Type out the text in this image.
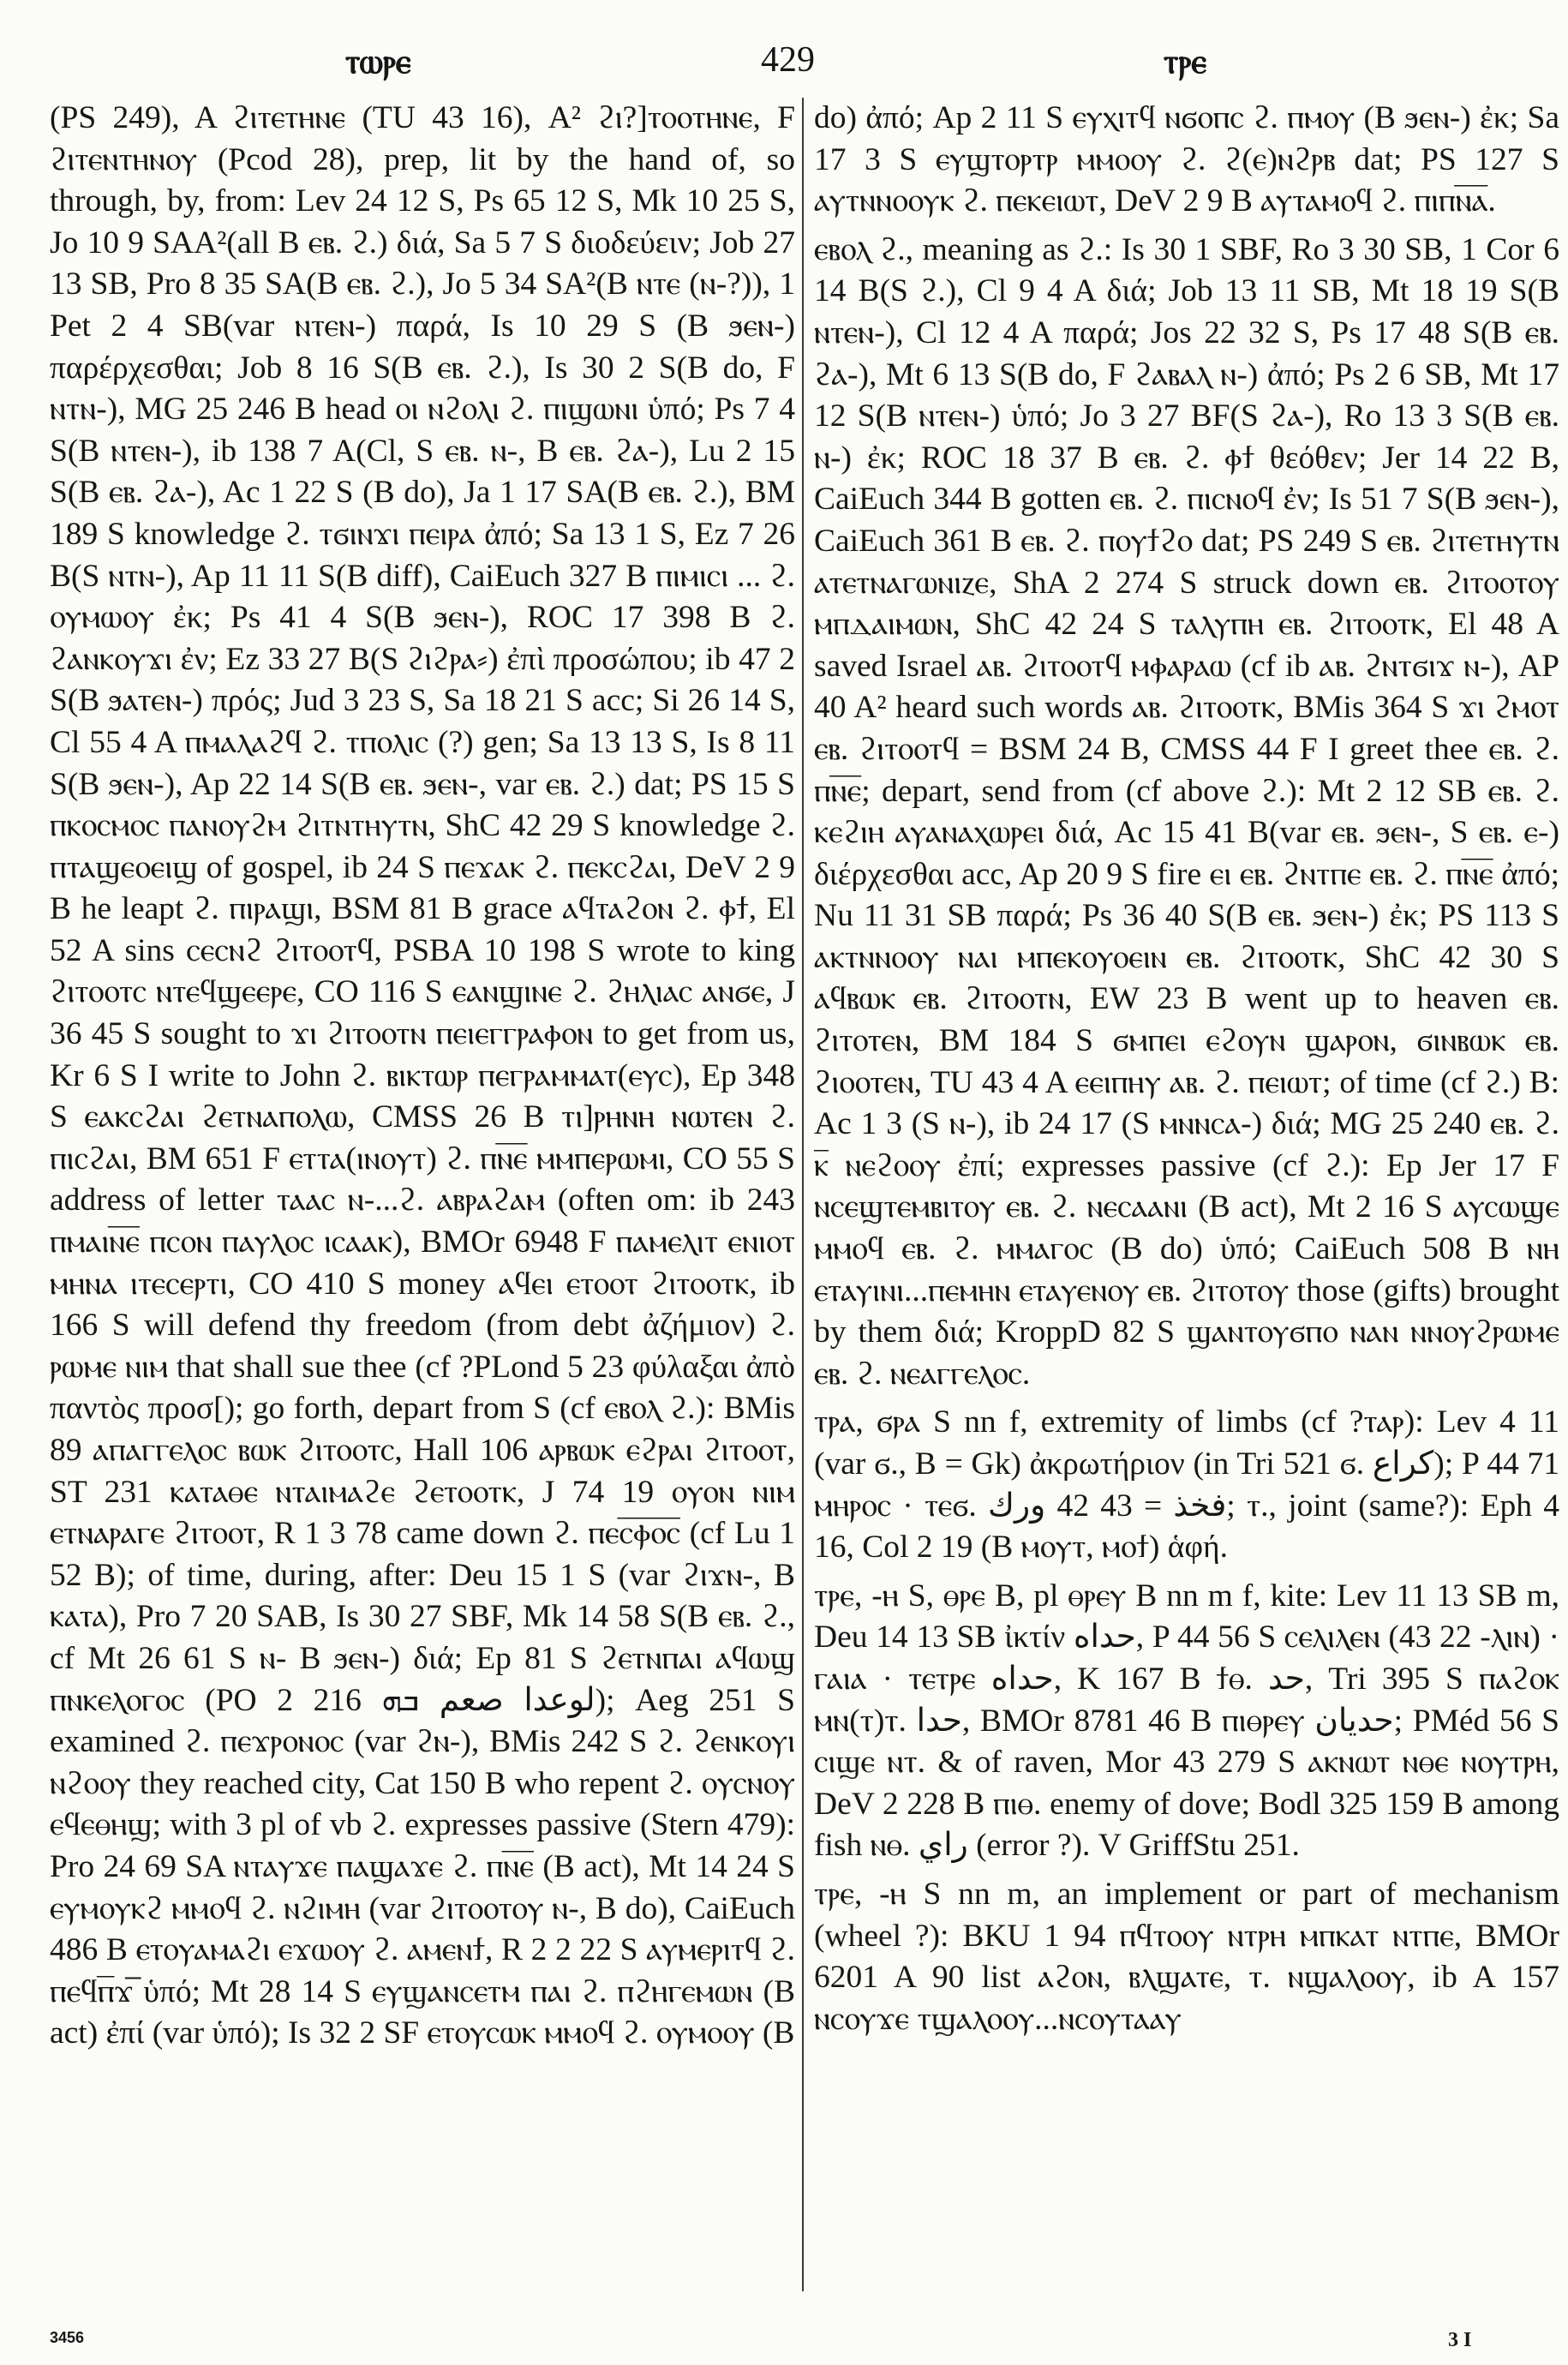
ⲧⲱⲣⲉ	429	ⲧⲣⲉ

(PS 249), A ϩⲓⲧⲉⲧⲏⲛⲉ (TU 43 16), A² ϩⲓ?]ⲧⲟⲟⲧⲏⲛⲉ, F ϩⲓⲧⲉⲛⲧⲏⲛⲟⲩ (Pcod 28), prep, lit by the hand of, so through, by, from: Lev 24 12 S, Ps 65 12 S, Mk 10 25 S, Jo 10 9 SAA²(all B ⲉⲃ. ϩ.) διά, Sa 5 7 S διοδεύειν; Job 27 13 SB, Pro 8 35 SA(B ⲉⲃ. ϩ.), Jo 5 34 SA²(B ⲛⲧⲉ (ⲛ-?)), 1 Pet 2 4 SB(var ⲛⲧⲉⲛ-) παρά, Is 10 29 S (B ϧⲉⲛ-) παρέρχεσθαι; Job 8 16 S(B ⲉⲃ. ϩ.), Is 30 2 S(B do, F ⲛⲧⲛ-), MG 25 246 B head ⲟⲓ ⲛϩⲟⲗⲓ ϩ. ⲡⲓϣⲱⲛⲓ ὑπό; Ps 7 4 S(B ⲛⲧⲉⲛ-), ib 138 7 A(Cl, S ⲉⲃ. ⲛ-, B ⲉⲃ. ϩⲁ-), Lu 2 15 S(B ⲉⲃ. ϩⲁ-), Ac 1 22 S (B do), Ja 1 17 SA(B ⲉⲃ. ϩ.), BM 189 S knowledge ϩ. ⲧϭⲓⲛϫⲓ ⲡⲉⲓⲣⲁ ἀπό; Sa 13 1 S, Ez 7 26 B(S ⲛⲧⲛ-), Ap 11 11 S(B diff), CaiEuch 327 B ⲡⲓⲙⲓⲥⲓ ... ϩ. ⲟⲩⲙⲱⲟⲩ ἐκ; Ps 41 4 S(B ϧⲉⲛ-), ROC 17 398 B ϩ. ϩⲁⲛⲕⲟⲩϫⲓ ἐν; Ez 33 27 B(S ϩⲓϩⲣⲁ⸗) ἐπὶ προσώπου; ib 47 2 S(B ϧⲁⲧⲉⲛ-) πρός; Jud 3 23 S, Sa 18 21 S acc; Si 26 14 S, Cl 55 4 A ⲡⲙⲁⲗⲁϩϥ ϩ. ⲧⲡⲟⲗⲓⲥ (?) gen; Sa 13 13 S, Is 8 11 S(B ϧⲉⲛ-), Ap 22 14 S(B ⲉⲃ. ϧⲉⲛ-, var ⲉⲃ. ϩ.) dat; PS 15 S ⲡⲕⲟⲥⲙⲟⲥ ⲡⲁⲛⲟⲩϩⲙ ϩⲓⲧⲛⲧⲏⲩⲧⲛ, ShC 42 29 S knowledge ϩ. ⲡⲧⲁϣⲉⲟⲉⲓϣ of gospel, ib 24 S ⲡⲉϫⲁⲕ ϩ. ⲡⲉⲕⲥϩⲁⲓ, DeV 2 9 B he leapt ϩ. ⲡⲓⲣⲁϣⲓ, BSM 81 B grace ⲁϥⲧⲁϩⲟⲛ ϩ. ⲫϯ, El 52 A sins ⲥⲉⲥⲛϩ ϩⲓⲧⲟⲟⲧϥ, PSBA 10 198 S wrote to king ϩⲓⲧⲟⲟⲧⲥ ⲛⲧⲉϥϣⲉⲉⲣⲉ, CO 116 S ⲉⲁⲛϣⲓⲛⲉ ϩ. ϩⲏⲗⲓⲁⲥ ⲁⲛϭⲉ, J 36 45 S sought to ϫⲓ ϩⲓⲧⲟⲟⲧⲛ ⲡⲉⲓⲉⲅⲅⲣⲁⲫⲟⲛ to get from us, Kr 6 S I write to John ϩ. ⲃⲓⲕⲧⲱⲣ ⲡⲉⲅⲣⲁⲙⲙⲁⲧ(ⲉⲩⲥ), Ep 348 S ⲉⲁⲕⲥϩⲁⲓ ϩⲉⲧⲛⲁⲡⲟⲗⲱ, CMSS 26 B ⲧⲓ]ⲣⲏⲛⲏ ⲛⲱⲧⲉⲛ ϩ. ⲡⲓⲥϩⲁⲓ, BM 651 F ⲉⲧⲧⲁ(ⲓⲛⲟⲩⲧ) ϩ. ⲡⲛ̅ⲉ̅ ⲙⲙⲡⲉⲣⲱⲙⲓ, CO 55 S address of letter ⲧⲁⲁⲥ ⲛ-...ϩ. ⲁⲃⲣⲁϩⲁⲙ (often om: ib 243 ⲡⲙⲁⲓⲛ̅ⲉ̅ ⲡⲥⲟⲛ ⲡⲁⲩⲗⲟⲥ ⲓⲥⲁⲁⲕ), BMOr 6948 F ⲡⲁⲙⲉⲗⲓⲧ ⲉⲛⲓⲟⲧ ⲙⲏⲛⲁ ⲓⲧⲉⲥⲉⲣⲧⲓ, CO 410 S money ⲁϥⲉⲓ ⲉⲧⲟⲟⲧ ϩⲓⲧⲟⲟⲧⲕ, ib 166 S will defend thy freedom (from debt ἀζήμιον) ϩ. ⲣⲱⲙⲉ ⲛⲓⲙ that shall sue thee (cf ?PLond 5 23 φύλαξαι ἀπὸ παντὸς προσ[); go forth, depart from S (cf ⲉⲃⲟⲗ ϩ.): BMis 89 ⲁⲡⲁⲅⲅⲉⲗⲟⲥ ⲃⲱⲕ ϩⲓⲧⲟⲟⲧⲥ, Hall 106 ⲁⲣⲃⲱⲕ ⲉϩⲣⲁⲓ ϩⲓⲧⲟⲟⲧ, ST 231 ⲕⲁⲧⲁⲑⲉ ⲛⲧⲁⲓⲙⲁϩⲉ ϩⲉⲧⲟⲟⲧⲕ, J 74 19 ⲟⲩⲟⲛ ⲛⲓⲙ ⲉⲧⲛⲁⲣⲁⲅⲉ ϩⲓⲧⲟⲟⲧ, R 1 3 78 came down ϩ. ⲡⲉⲥ̅ⲫ̅ⲟ̅ⲥ̅ (cf Lu 1 52 B); of time, during, after: Deu 15 1 S (var ϩⲓϫⲛ-, B ⲕⲁⲧⲁ), Pro 7 20 SAB, Is 30 27 SBF, Mk 14 58 S(B ⲉⲃ. ϩ., cf Mt 26 61 S ⲛ- B ϧⲉⲛ-) διά; Ep 81 S ϩⲉⲧⲛⲡⲁⲓ ⲁϥⲱϣ ⲡⲛⲕⲉⲗⲟⲅⲟⲥ (PO 2 216 لوعدا صعم ܒܗ); Aeg 251 S examined ϩ. ⲡⲉϫⲣⲟⲛⲟⲥ (var ϩⲛ-), BMis 242 S ϩ. ϩⲉⲛⲕⲟⲩⲓ ⲛϩⲟⲟⲩ they reached city, Cat 150 B who repent ϩ. ⲟⲩⲥⲛⲟⲩ ⲉϥⲉⲑⲏϣ; with 3 pl of vb ϩ. expresses passive (Stern 479): Pro 24 69 SA ⲛⲧⲁⲩϫⲉ ⲡⲁϣⲁϫⲉ ϩ. ⲡⲛ̅ⲉ̅ (B act), Mt 14 24 S ⲉⲩⲙⲟⲩⲕϩ ⲙⲙⲟϥ ϩ. ⲛϩⲓⲙⲏ (var ϩⲓⲧⲟⲟⲧⲟⲩ ⲛ-, B do), CaiEuch 486 B ⲉⲧⲟⲩⲁⲙⲁϩⲓ ⲉϫⲱⲟⲩ ϩ. ⲁⲙⲉⲛϯ, R 2 2 22 S ⲁⲩⲙⲉⲣⲓⲧϥ ϩ. ⲡⲉϥⲡ̅ϫ̅ ὑπό; Mt 28 14 S ⲉⲩϣⲁⲛⲥⲉⲧⲙ ⲡⲁⲓ ϩ. ⲡϩⲏⲅⲉⲙⲱⲛ (B act) ἐπί (var ὑπό); Is 32 2 SF ⲉⲧⲟⲩⲥⲱⲕ ⲙⲙⲟϥ ϩ. ⲟⲩⲙⲟⲟⲩ (B

do) ἀπό; Ap 2 11 S ⲉⲩⲭⲓⲧϥ ⲛϭⲟⲡⲥ ϩ. ⲡⲙⲟⲩ (B ϧⲉⲛ-) ἐκ; Sa 17 3 S ⲉⲩϣⲧⲟⲣⲧⲣ ⲙⲙⲟⲟⲩ ϩ. ϩ(ⲉ)ⲛϩⲣⲃ dat; PS 127 S ⲁⲩⲧⲛⲛⲟⲟⲩⲕ ϩ. ⲡⲉⲕⲉⲓⲱⲧ, DeV 2 9 B ⲁⲩⲧⲁⲙⲟϥ ϩ. ⲡⲓⲡⲛ̅ⲁ̅.

ⲉⲃⲟⲗ ϩ., meaning as ϩ.: Is 30 1 SBF, Ro 3 30 SB, 1 Cor 6 14 B(S ϩ.), Cl 9 4 A διά; Job 13 11 SB, Mt 18 19 S(B ⲛⲧⲉⲛ-), Cl 12 4 A παρά; Jos 22 32 S, Ps 17 48 S(B ⲉⲃ. ϩⲁ-), Mt 6 13 S(B do, F ϩⲁⲃⲁⲗ ⲛ-) ἀπό; Ps 2 6 SB, Mt 17 12 S(B ⲛⲧⲉⲛ-) ὑπό; Jo 3 27 BF(S ϩⲁ-), Ro 13 3 S(B ⲉⲃ. ⲛ-) ἐκ; ROC 18 37 B ⲉⲃ. ϩ. ⲫϯ θεόθεν; Jer 14 22 B, CaiEuch 344 B gotten ⲉⲃ. ϩ. ⲡⲓⲥⲛⲟϥ ἐν; Is 51 7 S(B ϧⲉⲛ-), CaiEuch 361 B ⲉⲃ. ϩ. ⲡⲟⲩϯϩⲟ dat; PS 249 S ⲉⲃ. ϩⲓⲧⲉⲧⲏⲩⲧⲛ ⲁⲧⲉⲧⲛⲁⲅⲱⲛⲓⲍⲉ, ShA 2 274 S struck down ⲉⲃ. ϩⲓⲧⲟⲟⲧⲟⲩ ⲙⲡⲇⲁⲓⲙⲱⲛ, ShC 42 24 S ⲧⲁⲗⲩⲡⲏ ⲉⲃ. ϩⲓⲧⲟⲟⲧⲕ, El 48 A saved Israel ⲁⲃ. ϩⲓⲧⲟⲟⲧϥ ⲙⲫⲁⲣⲁⲱ (cf ib ⲁⲃ. ϩⲛⲧϭⲓϫ ⲛ-), AP 40 A² heard such words ⲁⲃ. ϩⲓⲧⲟⲟⲧⲕ, BMis 364 S ϫⲓ ϩⲙⲟⲧ ⲉⲃ. ϩⲓⲧⲟⲟⲧϥ = BSM 24 B, CMSS 44 F I greet thee ⲉⲃ. ϩ. ⲡⲛ̅ⲉ̅; depart, send from (cf above ϩ.): Mt 2 12 SB ⲉⲃ. ϩ. ⲕⲉϩⲓⲏ ⲁⲩⲁⲛⲁⲭⲱⲣⲉⲓ διά, Ac 15 41 B(var ⲉⲃ. ϧⲉⲛ-, S ⲉⲃ. ⲉ-) διέρχεσθαι acc, Ap 20 9 S fire ⲉⲓ ⲉⲃ. ϩⲛⲧⲡⲉ ⲉⲃ. ϩ. ⲡⲛ̅ⲉ̅ ἀπό; Nu 11 31 SB παρά; Ps 36 40 S(B ⲉⲃ. ϧⲉⲛ-) ἐκ; PS 113 S ⲁⲕⲧⲛⲛⲟⲟⲩ ⲛⲁⲓ ⲙⲡⲉⲕⲟⲩⲟⲉⲓⲛ ⲉⲃ. ϩⲓⲧⲟⲟⲧⲕ, ShC 42 30 S ⲁϥⲃⲱⲕ ⲉⲃ. ϩⲓⲧⲟⲟⲧⲛ, EW 23 B went up to heaven ⲉⲃ. ϩⲓⲧⲟⲧⲉⲛ, BM 184 S ϭⲙⲡⲉⲓ ⲉϩⲟⲩⲛ ϣⲁⲣⲟⲛ, ϭⲓⲛⲃⲱⲕ ⲉⲃ. ϩⲓⲟⲟⲧⲉⲛ, TU 43 4 A ⲉⲉⲓⲡⲏⲩ ⲁⲃ. ϩ. ⲡⲉⲓⲱⲧ; of time (cf ϩ.) B: Ac 1 3 (S ⲛ-), ib 24 17 (S ⲙⲛⲛⲥⲁ-) διά; MG 25 240 ⲉⲃ. ϩ. ⲕ̅ ⲛⲉϩⲟⲟⲩ ἐπί; expresses passive (cf ϩ.): Ep Jer 17 F ⲛⲥⲉϣⲧⲉⲙⲃⲓⲧⲟⲩ ⲉⲃ. ϩ. ⲛⲉⲥⲁⲁⲛⲓ (B act), Mt 2 16 S ⲁⲩⲥⲱϣⲉ ⲙⲙⲟϥ ⲉⲃ. ϩ. ⲙⲙⲁⲅⲟⲥ (B do) ὑπό; CaiEuch 508 B ⲛⲏ ⲉⲧⲁⲩⲓⲛⲓ...ⲡⲉⲙⲏⲛ ⲉⲧⲁⲩⲉⲛⲟⲩ ⲉⲃ. ϩⲓⲧⲟⲧⲟⲩ those (gifts) brought by them διά; KroppD 82 S ϣⲁⲛⲧⲟⲩϭⲡⲟ ⲛⲁⲛ ⲛⲛⲟⲩϩⲣⲱⲙⲉ ⲉⲃ. ϩ. ⲛⲉⲁⲅⲅⲉⲗⲟⲥ.

ⲧⲣⲁ, ϭⲣⲁ S nn f, extremity of limbs (cf ?ⲧⲁⲣ): Lev 4 11 (var ϭ., B = Gk) ἀκρωτήριον (in Tri 521 ϭ. كراع); P 44 71 ⲙⲏⲣⲟⲥ · ⲧⲉϭ. فخذ = 43 42 ورك; ⲧ., joint (same?): Eph 4 16, Col 2 19 (B ⲙⲟⲩⲧ, ⲙⲟϯ) ἁφή.

ⲧⲣⲉ, -ⲏ S, ⲑⲣⲉ B, pl ⲑⲣⲉⲩ B nn m f, kite: Lev 11 13 SB m, Deu 14 13 SB ἰκτίν حداه, P 44 56 S ⲥⲉⲗⲓⲗⲉⲛ (43 22 -ⲗⲓⲛ) · ⲅⲁⲓⲁ · ⲧⲉⲧⲣⲉ حداه, K 167 B ϯⲑ. حد, Tri 395 S ⲡⲁϩⲟⲕ ⲙⲛ(ⲧ)ⲧ. حدا, BMOr 8781 46 B ⲡⲓⲑⲣⲉⲩ حديان; PMéd 56 S ⲥⲓϣⲉ ⲛⲧ. & of raven, Mor 43 279 S ⲁⲕⲛⲱⲧ ⲛⲑⲉ ⲛⲟⲩⲧⲣⲏ, DeV 2 228 B ⲡⲓⲑ. enemy of dove; Bodl 325 159 B among fish ⲛⲑ. راي (error ?). V GriffStu 251.

ⲧⲣⲉ, -ⲏ S nn m, an implement or part of mechanism (wheel ?): BKU 1 94 ⲡϥⲧⲟⲟⲩ ⲛⲧⲣⲏ ⲙⲡⲕⲁⲧ ⲛⲧⲡⲉ, BMOr 6201 A 90 list ⲁϩⲟⲛ, ⲃⲗϣⲁⲧⲉ, ⲧ. ⲛϣⲁⲗⲟⲟⲩ, ib A 157 ⲛⲥⲟⲩϫⲉ ⲧϣⲁⲗⲟⲟⲩ...ⲛⲥⲟⲩⲧⲁⲁⲩ

3456	3 I
